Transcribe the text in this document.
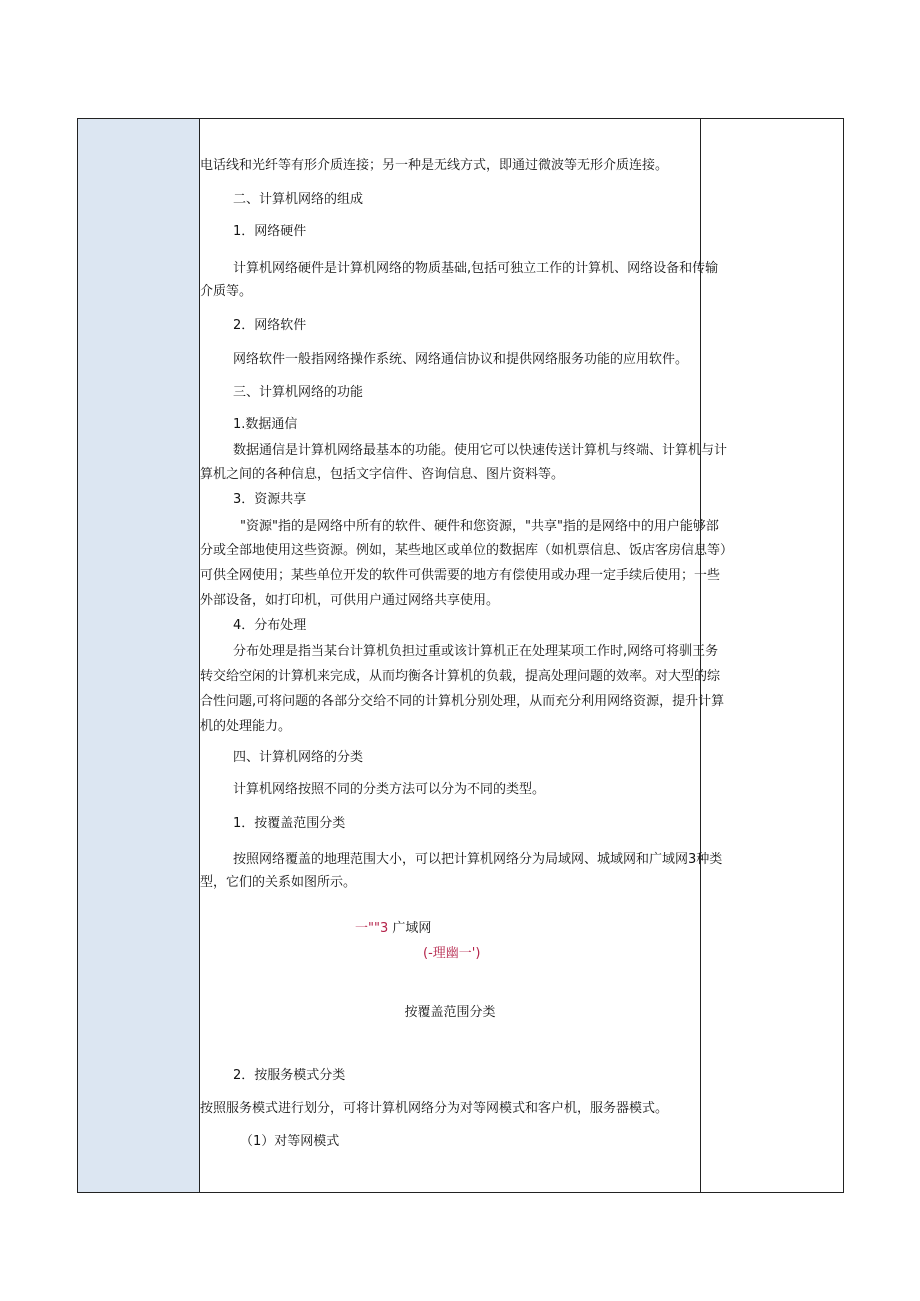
电话线和光纤等有形介质连接；另一种是无线方式，即通过微波等无形介质连接。
二、计算机网络的组成
1．网络硬件
计算机网络硬件是计算机网络的物质基础,包括可独立工作的计算机、网络设备和传输
介质等。
2．网络软件
网络软件一般指网络操作系统、网络通信协议和提供网络服务功能的应用软件。
三、计算机网络的功能
1.数据通信
数据通信是计算机网络最基本的功能。使用它可以快速传送计算机与终端、计算机与计
算机之间的各种信息，包括文字信件、咨询信息、图片资料等。
3．资源共享
"资源"指的是网络中所有的软件、硬件和您资源，"共享"指的是网络中的用户能够部
分或全部地使用这些资源。例如，某些地区或单位的数据库（如机票信息、饭店客房信息等）
可供全网使用；某些单位开发的软件可供需要的地方有偿使用或办理一定手续后使用；一些
外部设备，如打印机，可供用户通过网络共享使用。
4．分布处理
分布处理是指当某台计算机负担过重或该计算机正在处理某项工作时,网络可将驯王务
转交给空闲的计算机来完成，从而均衡各计算机的负载，提高处理问题的效率。对大型的综
合性问题,可将问题的各部分交给不同的计算机分别处理，从而充分利用网络资源，提升计算
机的处理能力。
四、计算机网络的分类
计算机网络按照不同的分类方法可以分为不同的类型。
1．按覆盖范围分类
按照网络覆盖的地理范围大小，可以把计算机网络分为局域网、城域网和广域网3种类
型，它们的关系如图所示。
一""3 广域网
(-理幽一')
按覆盖范围分类
2．按服务模式分类
按照服务模式进行划分，可将计算机网络分为对等网模式和客户机，服务器模式。
（1）对等网模式
